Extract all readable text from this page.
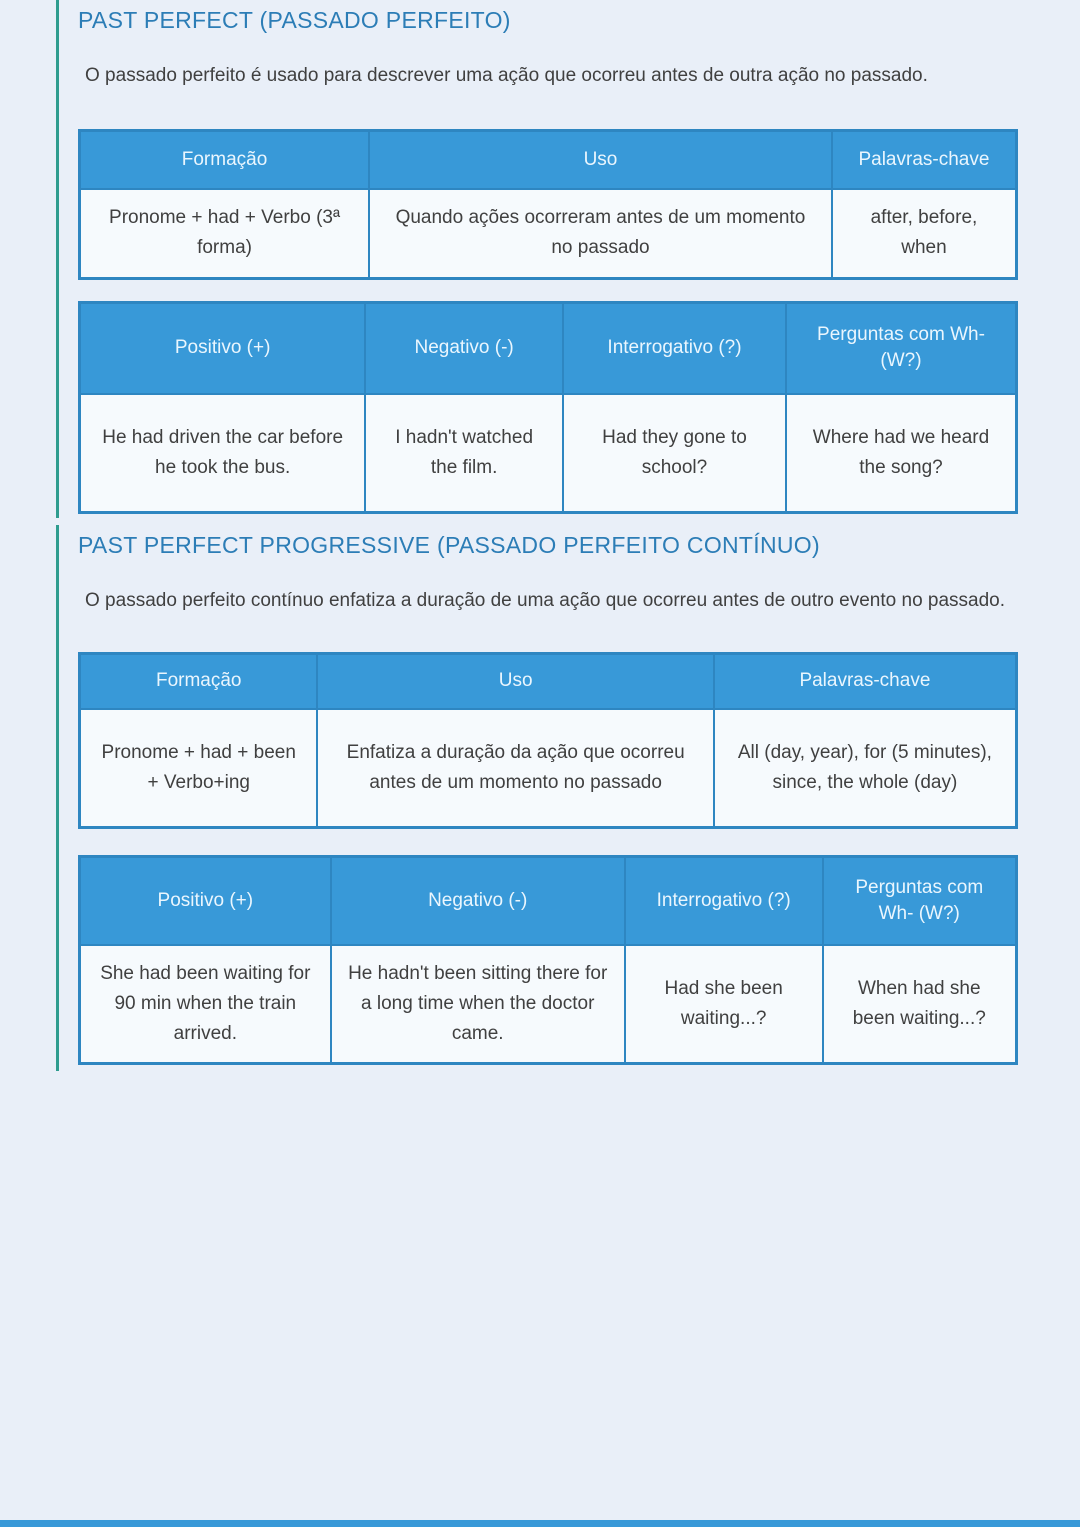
PAST PERFECT (PASSADO PERFEITO)

O passado perfeito é usado para descrever uma ação que ocorreu antes de outra ação no passado.

Formação	Uso	Palavras-chave
Pronome + had + Verbo (3ª forma)	Quando ações ocorreram antes de um momento no passado	after, before, when
Positivo (+)	Negativo (-)	Interrogativo (?)	Perguntas com Wh- (W?)
He had driven the car before he took the bus.	I hadn't watched the film.	Had they gone to school?	Where had we heard the song?
PAST PERFECT PROGRESSIVE (PASSADO PERFEITO CONTÍNUO)

O passado perfeito contínuo enfatiza a duração de uma ação que ocorreu antes de outro evento no passado.

Formação	Uso	Palavras-chave
Pronome + had + been + Verbo+ing	Enfatiza a duração da ação que ocorreu antes de um momento no passado	All (day, year), for (5 minutes), since, the whole (day)
Positivo (+)	Negativo (-)	Interrogativo (?)	Perguntas com Wh- (W?)
She had been waiting for 90 min when the train arrived.	He hadn't been sitting there for a long time when the doctor came.	Had she been waiting...?	When had she been waiting...?
